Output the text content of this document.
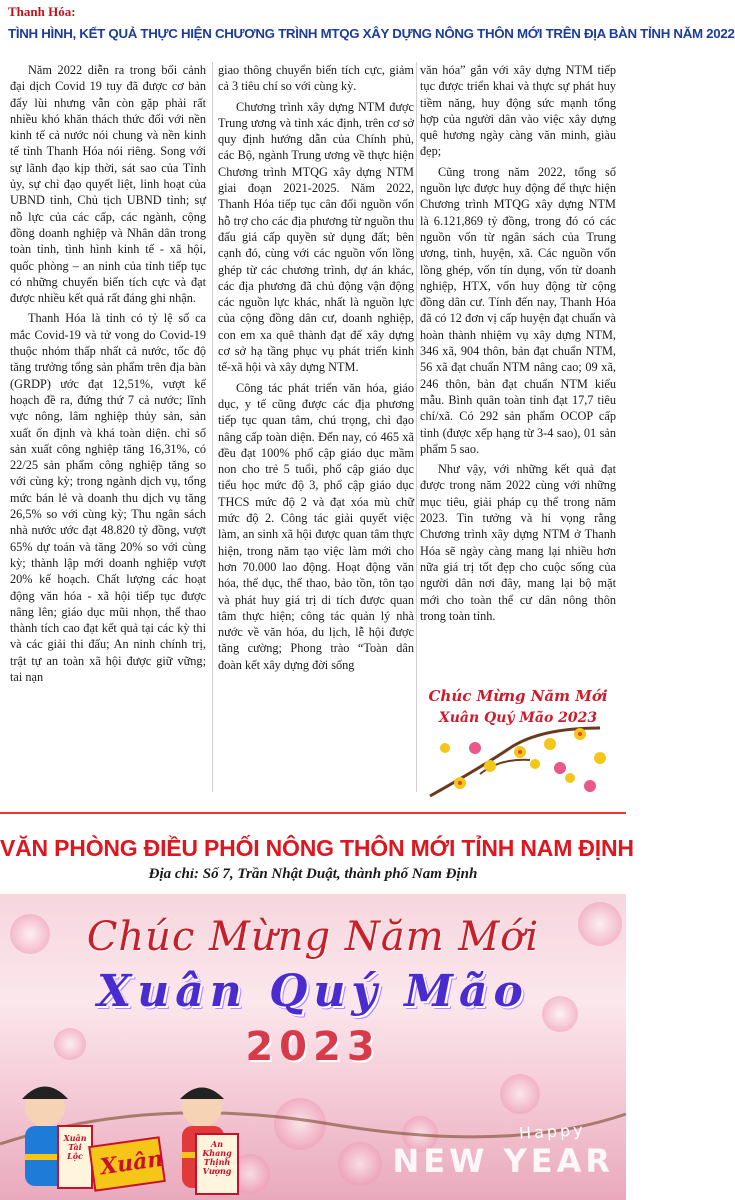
Thanh Hóa:
TÌNH HÌNH, KẾT QUẢ THỰC HIỆN CHƯƠNG TRÌNH MTQG XÂY DỰNG NÔNG THÔN MỚI TRÊN ĐỊA BÀN TỈNH NĂM 2022

Năm 2022 diễn ra trong bối cảnh đại dịch Covid 19 tuy đã được cơ bản đẩy lùi nhưng vẫn còn gặp phải rất nhiều khó khăn thách thức đối với nền kinh tế cả nước nói chung và nền kinh tế tỉnh Thanh Hóa nói riêng. Song với sự lãnh đạo kịp thời, sát sao của Tỉnh ủy, sự chỉ đạo quyết liệt, linh hoạt của UBND tỉnh, Chủ tịch UBND tỉnh; sự nỗ lực của các cấp, các ngành, cộng đồng doanh nghiệp và Nhân dân trong toàn tỉnh, tình hình kinh tế - xã hội, quốc phòng – an ninh của tỉnh tiếp tục có những chuyển biến tích cực và đạt được nhiều kết quả rất đáng ghi nhận.

Thanh Hóa là tỉnh có tỷ lệ số ca mắc Covid-19 và tử vong do Covid-19 thuộc nhóm thấp nhất cả nước, tốc độ tăng trưởng tổng sản phẩm trên địa bàn (GRDP) ước đạt 12,51%, vượt kế hoạch đề ra, đứng thứ 7 cả nước; lĩnh vực nông, lâm nghiệp thủy sản, sản xuất ổn định và khá toàn diện. chỉ số sản xuất công nghiệp tăng 16,31%, có 22/25 sản phẩm công nghiệp tăng so với cùng kỳ; trong ngành dịch vụ, tổng mức bán lẻ và doanh thu dịch vụ tăng 26,5% so với cùng kỳ; Thu ngân sách nhà nước ước đạt 48.820 tỷ đồng, vượt 65% dự toán và tăng 20% so với cùng kỳ; thành lập mới doanh nghiệp vượt 20% kế hoạch. Chất lượng các hoạt động văn hóa - xã hội tiếp tục được nâng lên; giáo dục mũi nhọn, thể thao thành tích cao đạt kết quả tại các kỳ thi và các giải thi đấu; An ninh chính trị, trật tự an toàn xã hội được giữ vững; tai nạn

giao thông chuyển biến tích cực, giảm cả 3 tiêu chí so với cùng kỳ.

Chương trình xây dựng NTM được Trung ương và tỉnh xác định, trên cơ sở quy định hướng dẫn của Chính phủ, các Bộ, ngành Trung ương về thực hiện Chương trình MTQG xây dựng NTM giai đoạn 2021-2025. Năm 2022, Thanh Hóa tiếp tục cân đối nguồn vốn hỗ trợ cho các địa phương từ nguồn thu đấu giá cấp quyền sử dụng đất; bên cạnh đó, cùng với các nguồn vốn lồng ghép từ các chương trình, dự án khác, các địa phương đã chủ động vận động các nguồn lực khác, nhất là nguồn lực của cộng đồng dân cư, doanh nghiệp, con em xa quê thành đạt để xây dựng cơ sở hạ tầng phục vụ phát triển kinh tế-xã hội và xây dựng NTM.

Công tác phát triển văn hóa, giáo dục, y tế cũng được các địa phương tiếp tục quan tâm, chú trọng, chỉ đạo nâng cấp toàn diện. Đến nay, có 465 xã đều đạt 100% phổ cập giáo dục mầm non cho trẻ 5 tuổi, phổ cập giáo dục tiểu học mức độ 3, phổ cập giáo dục THCS mức độ 2 và đạt xóa mù chữ mức độ 2. Công tác giải quyết việc làm, an sinh xã hội được quan tâm thực hiện, trong năm tạo việc làm mới cho hơn 70.000 lao động. Hoạt động văn hóa, thể dục, thể thao, bảo tồn, tôn tạo và phát huy giá trị di tích được quan tâm thực hiện; công tác quản lý nhà nước về văn hóa, du lịch, lễ hội được tăng cường; Phong trào “Toàn dân đoàn kết xây dựng đời sống

văn hóa” gắn với xây dựng NTM tiếp tục được triển khai và thực sự phát huy tiềm năng, huy động sức mạnh tổng hợp của người dân vào việc xây dựng quê hương ngày càng văn minh, giàu đẹp;

Cũng trong năm 2022, tổng số nguồn lực được huy động để thực hiện Chương trình MTQG xây dựng NTM là 6.121,869 tỷ đồng, trong đó có các nguồn vốn từ ngân sách của Trung ương, tỉnh, huyện, xã. Các nguồn vốn lồng ghép, vốn tín dụng, vốn từ doanh nghiệp, HTX, vốn huy động từ cộng đồng dân cư. Tính đến nay, Thanh Hóa đã có 12 đơn vị cấp huyện đạt chuẩn và hoàn thành nhiệm vụ xây dựng NTM, 346 xã, 904 thôn, bản đạt chuẩn NTM, 56 xã đạt chuẩn NTM nâng cao; 09 xã, 246 thôn, bản đạt chuẩn NTM kiểu mẫu. Bình quân toàn tỉnh đạt 17,7 tiêu chí/xã. Có 292 sản phẩm OCOP cấp tỉnh (được xếp hạng từ 3-4 sao), 01 sản phẩm 5 sao.

Như vậy, với những kết quả đạt được trong năm 2022 cùng với những mục tiêu, giải pháp cụ thể trong năm 2023. Tin tưởng và hi vọng rằng Chương trình xây dựng NTM ở Thanh Hóa sẽ ngày càng mang lại nhiều hơn nữa giá trị tốt đẹp cho cuộc sống của người dân nơi đây, mang lại bộ mặt mới cho toàn thể cư dân nông thôn trong toàn tỉnh.

Chúc Mừng Năm Mới
Xuân Quý Mão 2023
VĂN PHÒNG ĐIỀU PHỐI NÔNG THÔN MỚI TỈNH NAM ĐỊNH
Địa chỉ: Số 7, Trần Nhật Duật, thành phố Nam Định
Chúc Mừng Năm Mới
Xuân Quý Mão
2023
Xuân Tài Lộc Xuân
An Khang Thịnh Vượng
Happy
NEW YEAR
